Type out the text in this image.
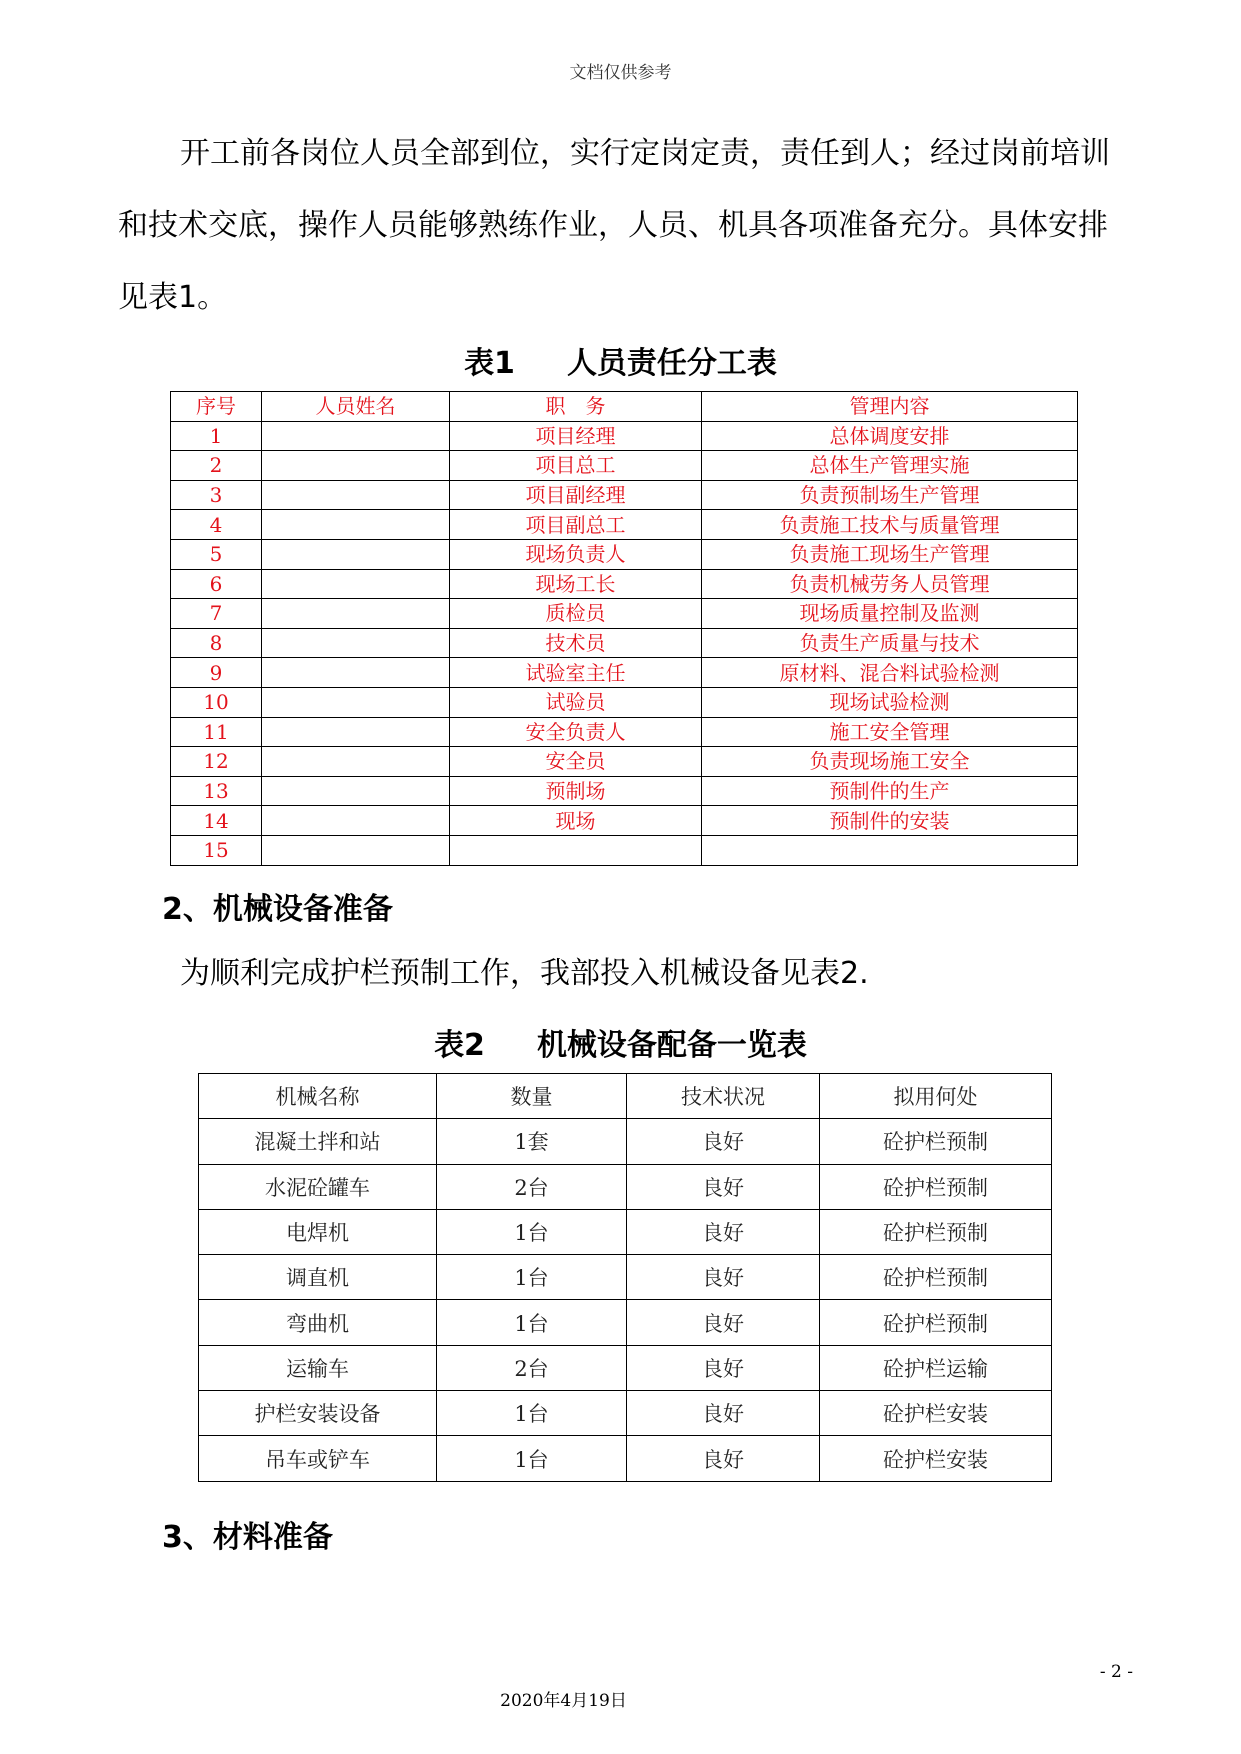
文档仅供参考
开工前各岗位人员全部到位，实行定岗定责，责任到人；经过岗前培训
和技术交底，操作人员能够熟练作业，人员、机具各项准备充分。具体安排
见表1。
表1 人员责任分工表
序号	人员姓名	职　务	管理内容
1		项目经理	总体调度安排
2		项目总工	总体生产管理实施
3		项目副经理	负责预制场生产管理
4		项目副总工	负责施工技术与质量管理
5		现场负责人	负责施工现场生产管理
6		现场工长	负责机械劳务人员管理
7		质检员	现场质量控制及监测
8		技术员	负责生产质量与技术
9		试验室主任	原材料、混合料试验检测
10		试验员	现场试验检测
11		安全负责人	施工安全管理
12		安全员	负责现场施工安全
13		预制场	预制件的生产
14		现场	预制件的安装
15			
2、机械设备准备
为顺利完成护栏预制工作，我部投入机械设备见表2.
表2 机械设备配备一览表
机械名称	数量	技术状况	拟用何处
混凝土拌和站	1套	良好	砼护栏预制
水泥砼罐车	2台	良好	砼护栏预制
电焊机	1台	良好	砼护栏预制
调直机	1台	良好	砼护栏预制
弯曲机	1台	良好	砼护栏预制
运输车	2台	良好	砼护栏运输
护栏安装设备	1台	良好	砼护栏安装
吊车或铲车	1台	良好	砼护栏安装
3、材料准备
- 2 -
2020年4月19日
